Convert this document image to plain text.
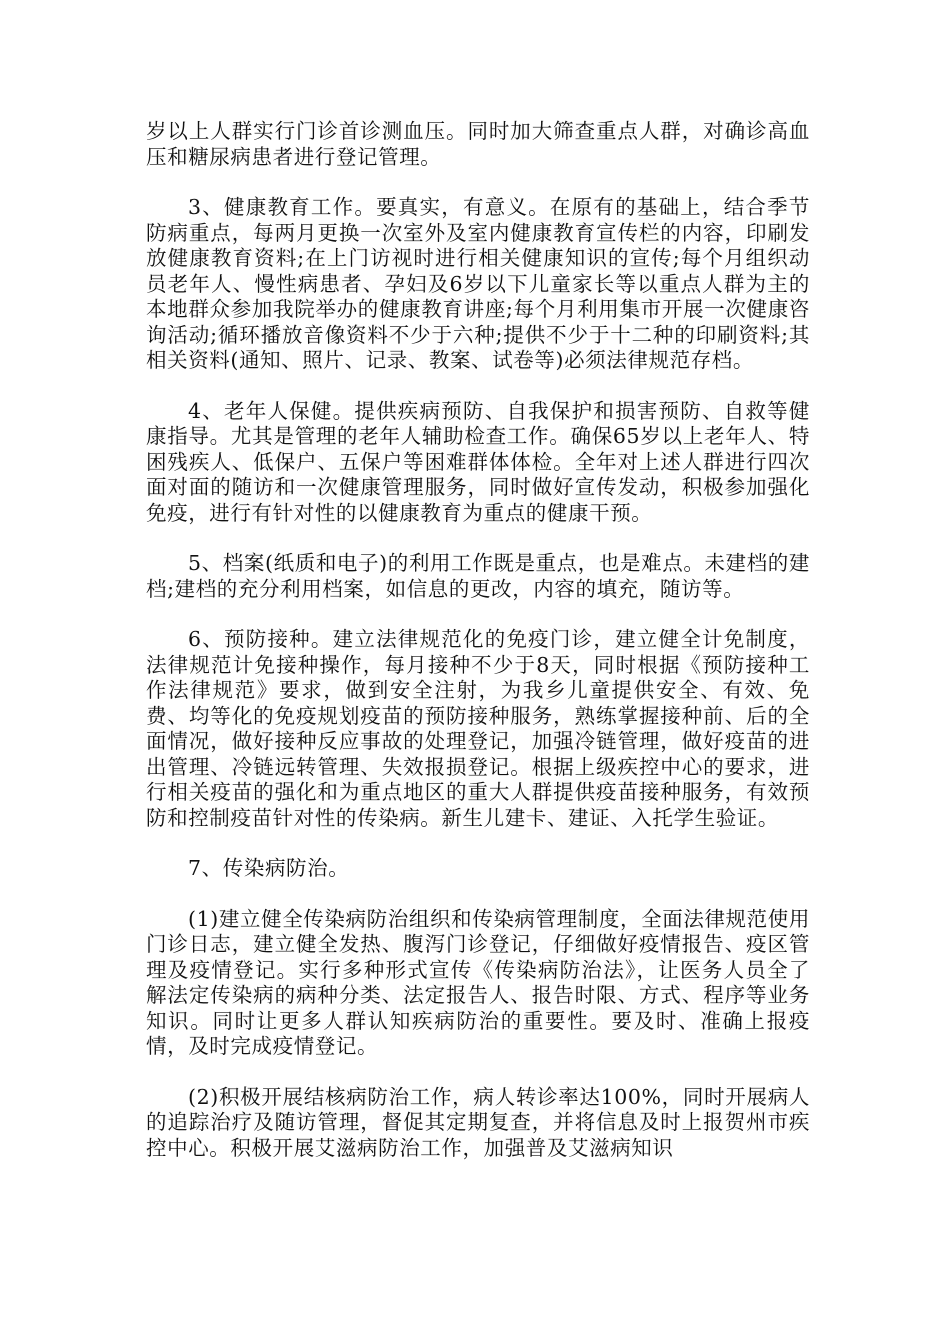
岁以上人群实行门诊首诊测血压。同时加大筛查重点人群，对确诊高血压和糖尿病患者进行登记管理。

3、健康教育工作。要真实，有意义。在原有的基础上，结合季节防病重点，每两月更换一次室外及室内健康教育宣传栏的内容，印刷发放健康教育资料;在上门访视时进行相关健康知识的宣传;每个月组织动员老年人、慢性病患者、孕妇及6岁以下儿童家长等以重点人群为主的本地群众参加我院举办的健康教育讲座;每个月利用集市开展一次健康咨询活动;循环播放音像资料不少于六种;提供不少于十二种的印刷资料;其相关资料(通知、照片、记录、教案、试卷等)必须法律规范存档。

4、老年人保健。提供疾病预防、自我保护和损害预防、自救等健康指导。尤其是管理的老年人辅助检查工作。确保65岁以上老年人、特困残疾人、低保户、五保户等困难群体体检。全年对上述人群进行四次面对面的随访和一次健康管理服务，同时做好宣传发动，积极参加强化免疫，进行有针对性的以健康教育为重点的健康干预。

5、档案(纸质和电子)的利用工作既是重点，也是难点。未建档的建档;建档的充分利用档案，如信息的更改，内容的填充，随访等。

6、预防接种。建立法律规范化的免疫门诊，建立健全计免制度，法律规范计免接种操作，每月接种不少于8天，同时根据《预防接种工作法律规范》要求，做到安全注射，为我乡儿童提供安全、有效、免费、均等化的免疫规划疫苗的预防接种服务，熟练掌握接种前、后的全面情况，做好接种反应事故的处理登记，加强冷链管理，做好疫苗的进出管理、冷链远转管理、失效报损登记。根据上级疾控中心的要求，进行相关疫苗的强化和为重点地区的重大人群提供疫苗接种服务，有效预防和控制疫苗针对性的传染病。新生儿建卡、建证、入托学生验证。

7、传染病防治。

(1)建立健全传染病防治组织和传染病管理制度，全面法律规范使用门诊日志，建立健全发热、腹泻门诊登记，仔细做好疫情报告、疫区管理及疫情登记。实行多种形式宣传《传染病防治法》，让医务人员全了解法定传染病的病种分类、法定报告人、报告时限、方式、程序等业务知识。同时让更多人群认知疾病防治的重要性。要及时、准确上报疫情，及时完成疫情登记。

(2)积极开展结核病防治工作，病人转诊率达100%，同时开展病人的追踪治疗及随访管理，督促其定期复查，并将信息及时上报贺州市疾控中心。积极开展艾滋病防治工作，加强普及艾滋病知识
